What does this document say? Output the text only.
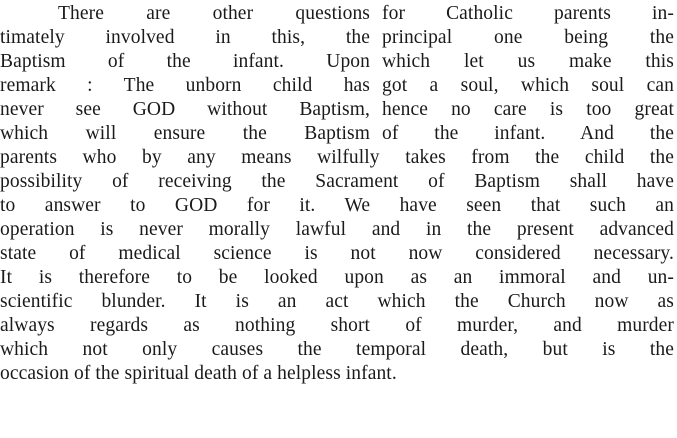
There are other questions
timately involved in this, the
Baptism of the infant. Upon
remark : The unborn child has
never see GOD without Baptism,
which will ensure the Baptism
for Catholic parents in-
principal one being the
which let us make this
got a soul, which soul can
hence no care is too great
of the infant. And the
parents who by any means wilfully takes from the child the
possibility of receiving the Sacrament of Baptism shall have
to answer to GOD for it. We have seen that such an
operation is never morally lawful and in the present advanced
state of medical science is not now considered necessary.
It is therefore to be looked upon as an immoral and un-
scientific blunder. It is an act which the Church now as
always regards as nothing short of murder, and murder
which not only causes the temporal death, but is the
occasion of the spiritual death of a helpless infant.
